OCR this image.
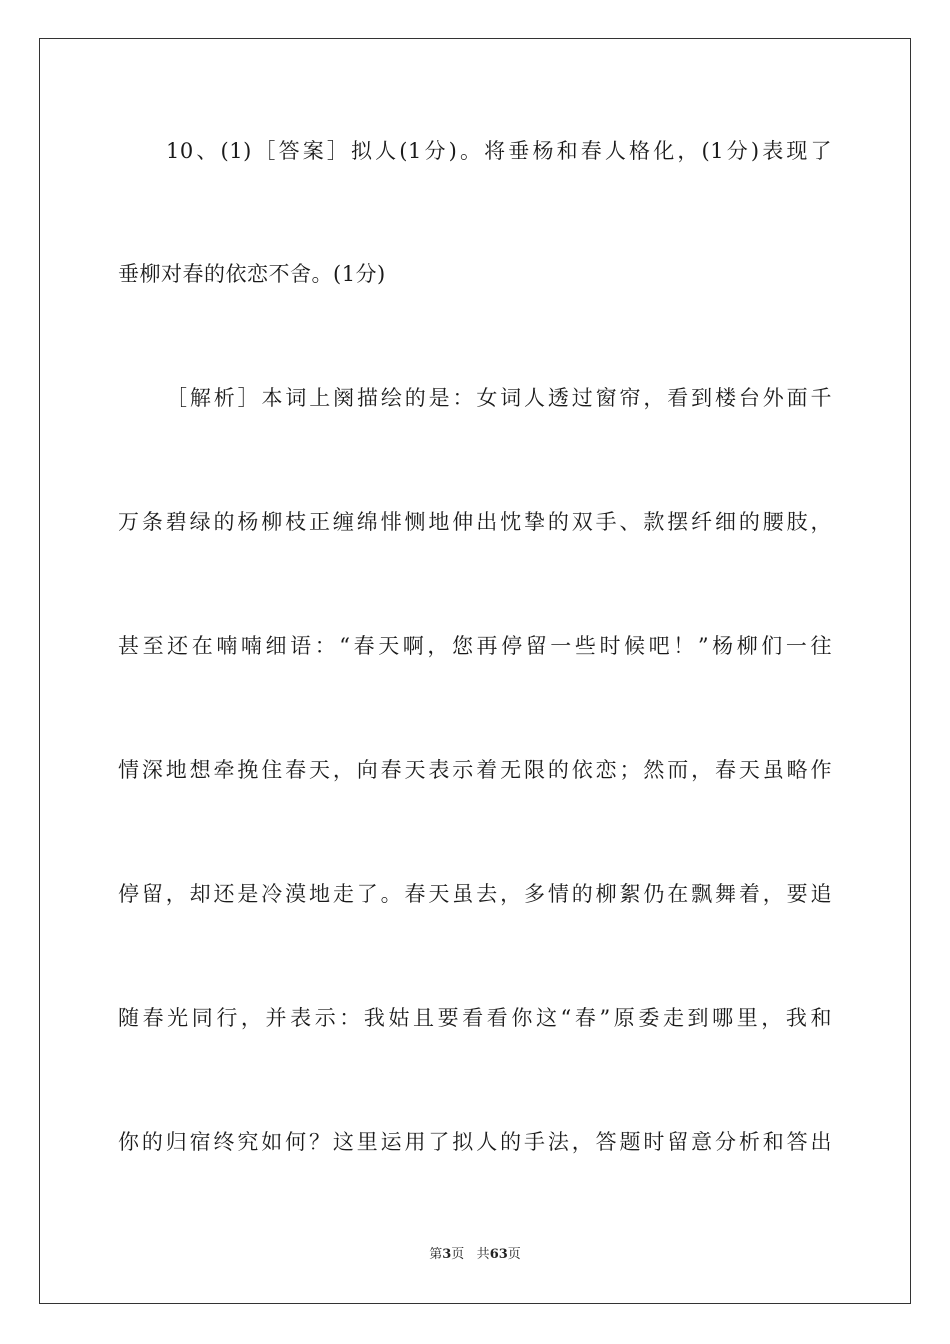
10、(1)［答案］拟人(1分)。将垂杨和春人格化，(1分)表现了
垂柳对春的依恋不舍。(1分)
［解析］本词上阕描绘的是：女词人透过窗帘，看到楼台外面千
万条碧绿的杨柳枝正缠绵悱恻地伸出忱挚的双手、款摆纤细的腰肢，
甚至还在喃喃细语：“春天啊，您再停留一些时候吧！”杨柳们一往
情深地想牵挽住春天，向春天表示着无限的依恋；然而，春天虽略作
停留，却还是冷漠地走了。春天虽去，多情的柳絮仍在飘舞着，要追
随春光同行，并表示：我姑且要看看你这“春”原委走到哪里，我和
你的归宿终究如何？这里运用了拟人的手法，答题时留意分析和答出
第3页 共63页
